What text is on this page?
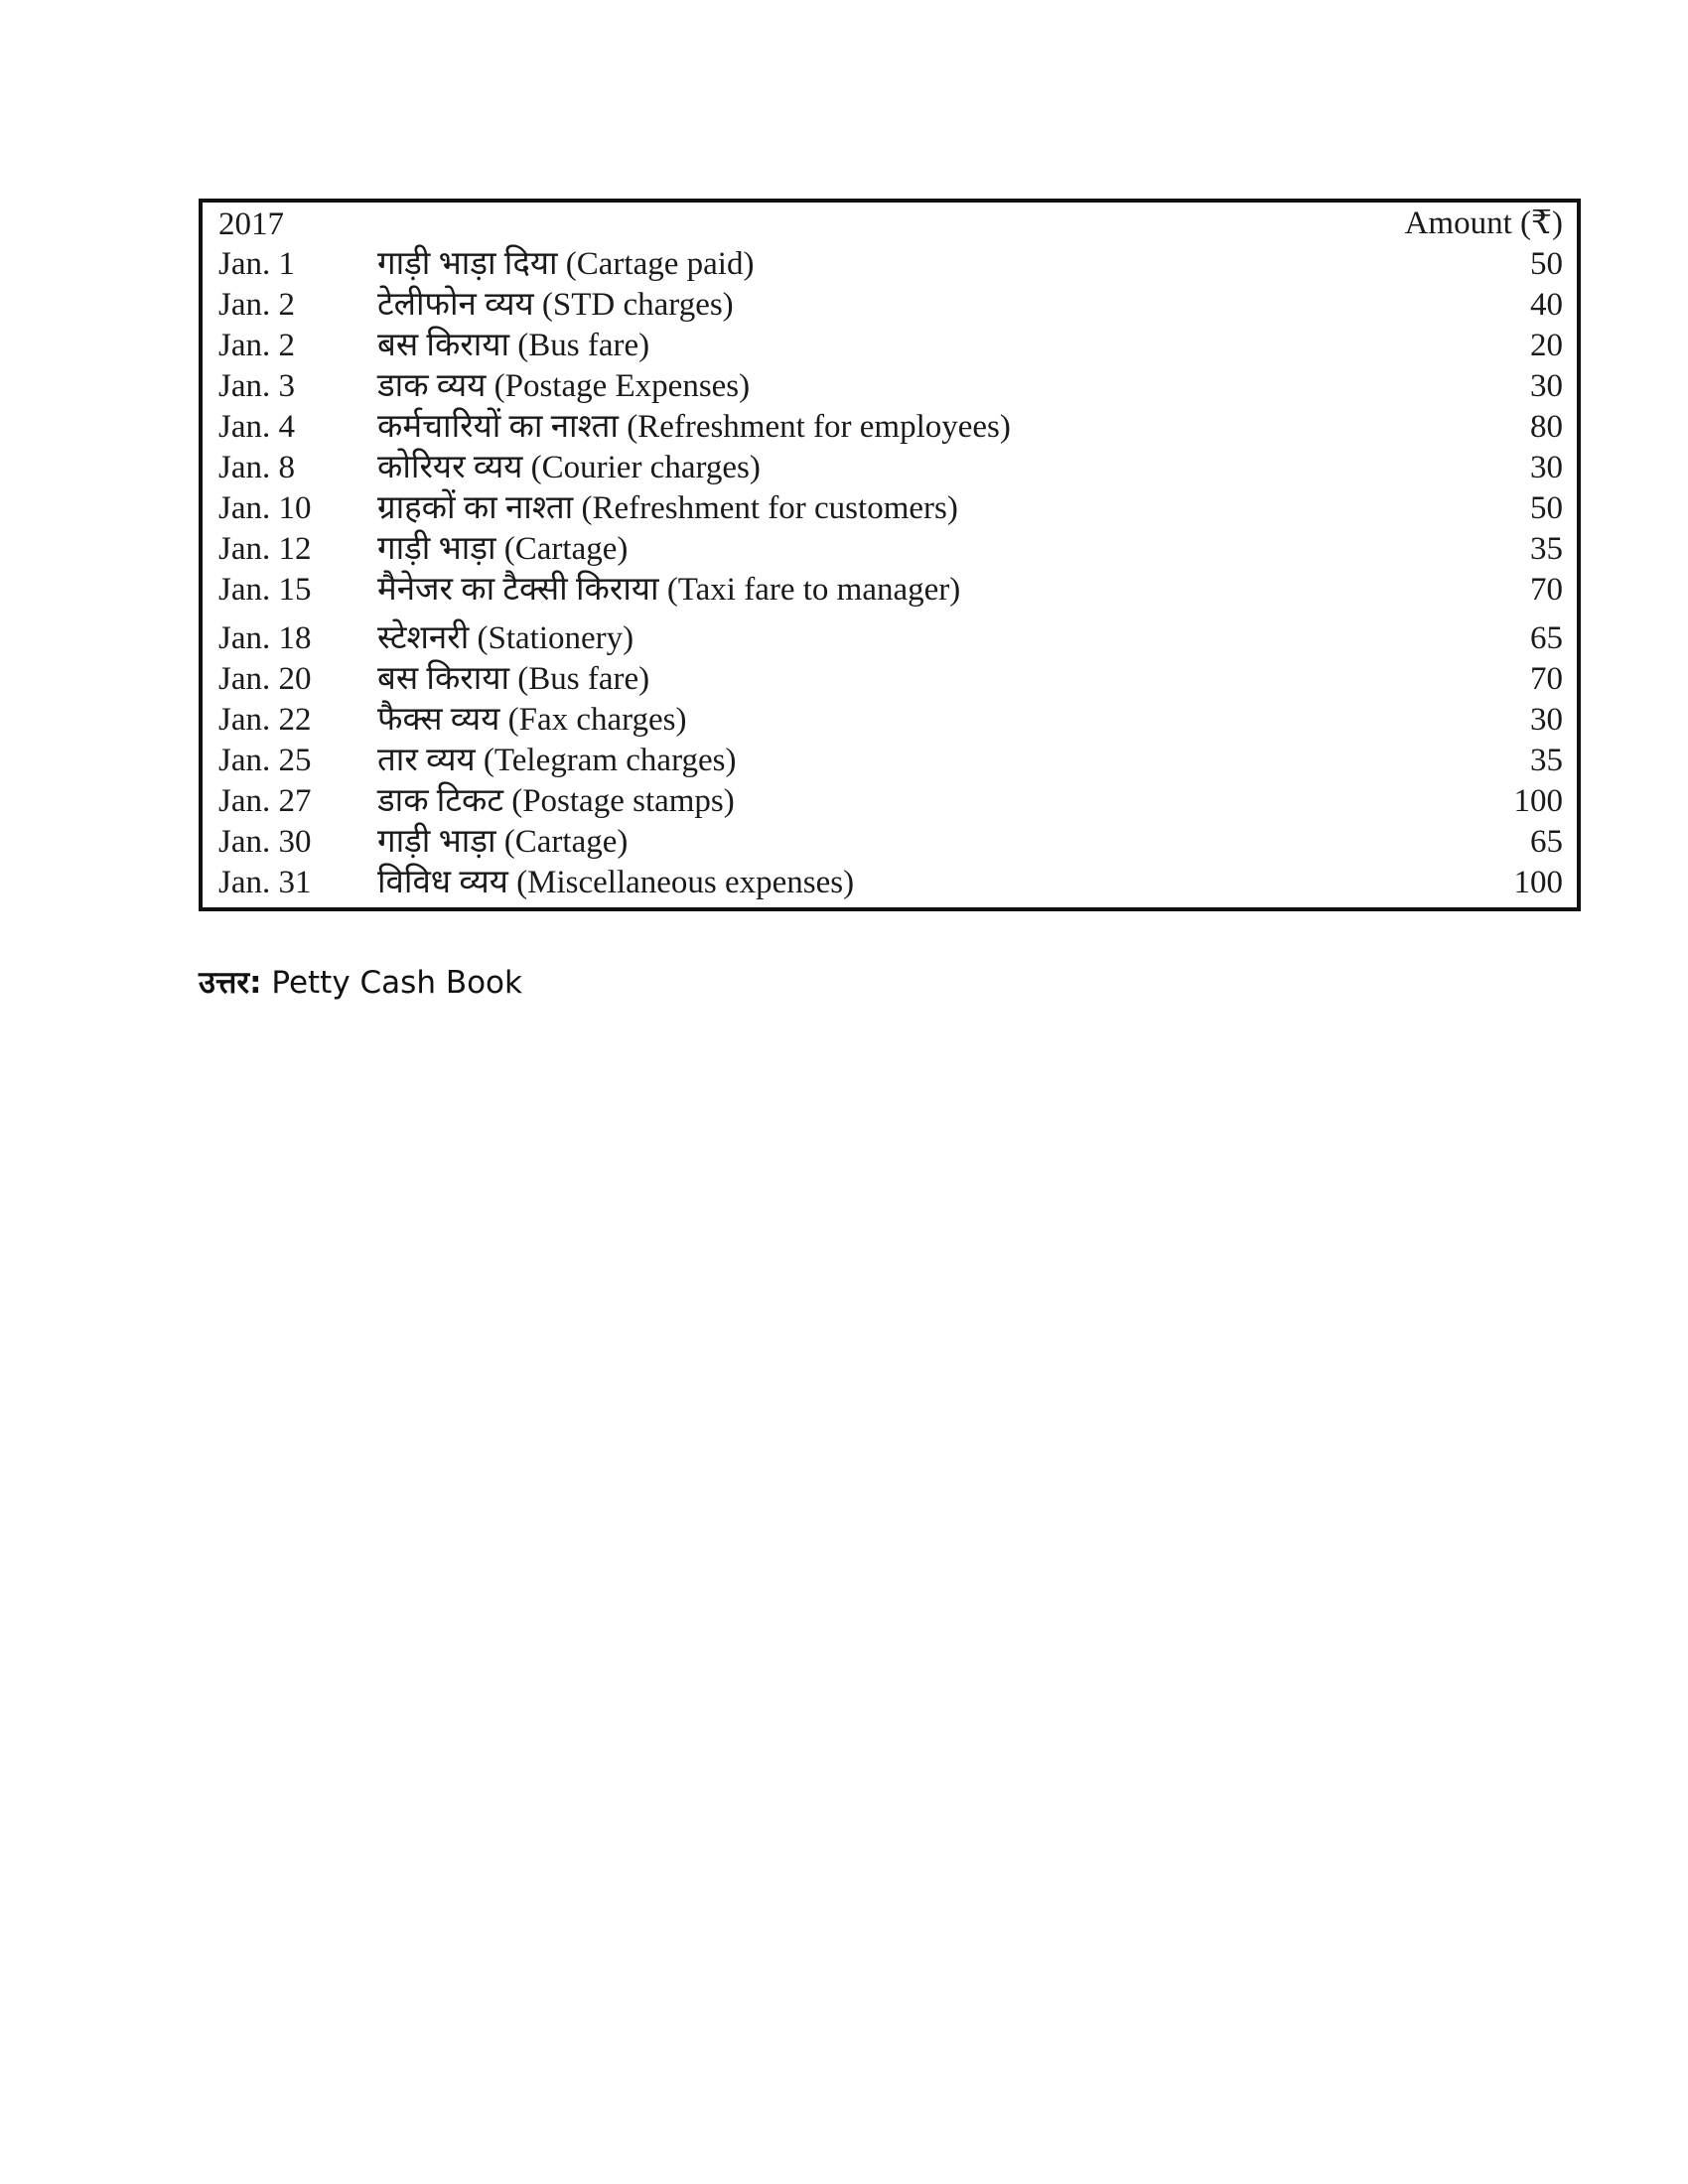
2017	Amount (₹)
Jan. 1	गाड़ी भाड़ा दिया (Cartage paid)	50
Jan. 2	टेलीफोन व्यय (STD charges)	40
Jan. 2	बस किराया (Bus fare)	20
Jan. 3	डाक व्यय (Postage Expenses)	30
Jan. 4	कर्मचारियों का नाश्ता (Refreshment for employees)	80
Jan. 8	कोरियर व्यय (Courier charges)	30
Jan. 10 ग्राहकों का नाश्ता (Refreshment for customers)	50
Jan. 12 गाड़ी भाड़ा (Cartage)	35
Jan. 15 मैनेजर का टैक्सी किराया (Taxi fare to manager)	70
Jan. 18 स्टेशनरी (Stationery)	65
Jan. 20 बस किराया (Bus fare)	70
Jan. 22 फैक्स व्यय (Fax charges)	30
Jan. 25 तार व्यय (Telegram charges)	35
Jan. 27 डाक टिकट (Postage stamps)	100
Jan. 30 गाड़ी भाड़ा (Cartage)	65
Jan. 31 विविध व्यय (Miscellaneous expenses)	100
उत्तर: Petty Cash Book
